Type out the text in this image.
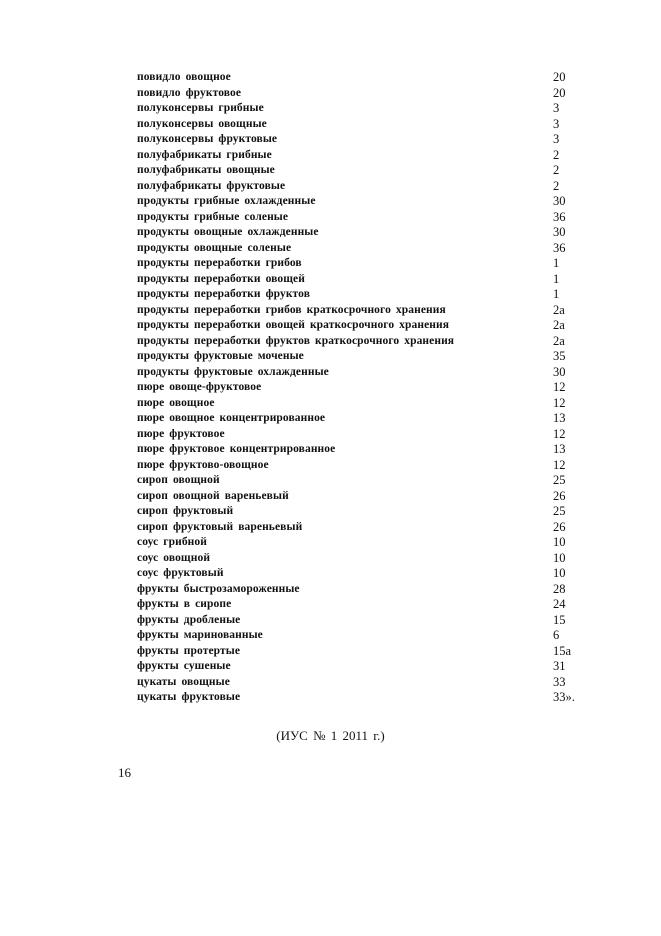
повидло овощное	20
повидло фруктовое	20
полуконсервы грибные	3
полуконсервы овощные	3
полуконсервы фруктовые	3
полуфабрикаты грибные	2
полуфабрикаты овощные	2
полуфабрикаты фруктовые	2
продукты грибные охлажденные	30
продукты грибные соленые	36
продукты овощные охлажденные	30
продукты овощные соленые	36
продукты переработки грибов	1
продукты переработки овощей	1
продукты переработки фруктов	1
продукты переработки грибов краткосрочного хранения	2а
продукты переработки овощей краткосрочного хранения	2а
продукты переработки фруктов краткосрочного хранения	2а
продукты фруктовые моченые	35
продукты фруктовые охлажденные	30
пюре овоще-фруктовое	12
пюре овощное	12
пюре овощное концентрированное	13
пюре фруктовое	12
пюре фруктовое концентрированное	13
пюре фруктово-овощное	12
сироп овощной	25
сироп овощной вареньевый	26
сироп фруктовый	25
сироп фруктовый вареньевый	26
соус грибной	10
соус овощной	10
соус фруктовый	10
фрукты быстрозамороженные	28
фрукты в сиропе	24
фрукты дробленые	15
фрукты маринованные	6
фрукты протертые	15а
фрукты сушеные	31
цукаты овощные	33
цукаты фруктовые	33».
(ИУС № 1 2011 г.)
16
